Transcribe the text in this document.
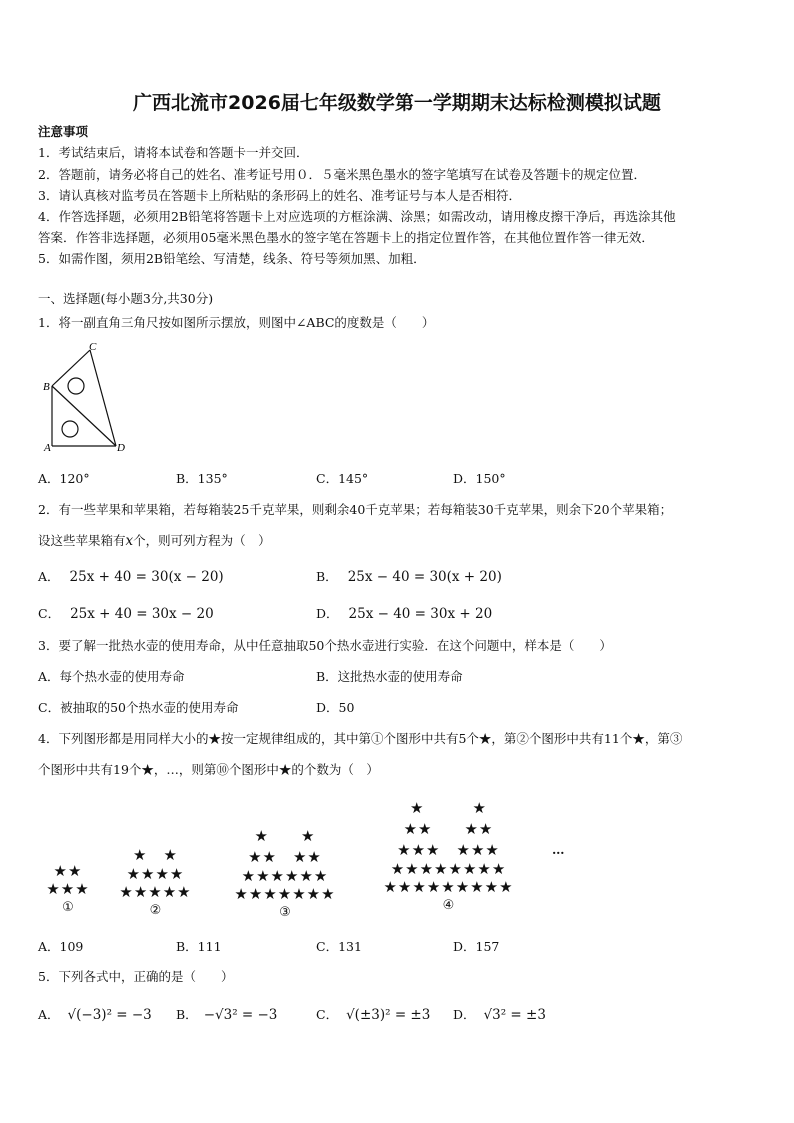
广西北流市2026届七年级数学第一学期期末达标检测模拟试题
注意事项
1．考试结束后，请将本试卷和答题卡一并交回．
2．答题前，请务必将自己的姓名、准考证号用０．５毫米黑色墨水的签字笔填写在试卷及答题卡的规定位置．
3．请认真核对监考员在答题卡上所粘贴的条形码上的姓名、准考证号与本人是否相符．
4．作答选择题，必须用2B铅笔将答题卡上对应选项的方框涂满、涂黑；如需改动，请用橡皮擦干净后，再选涂其他
答案．作答非选择题，必须用05毫米黑色墨水的签字笔在答题卡上的指定位置作答，在其他位置作答一律无效．
5．如需作图，须用2B铅笔绘、写清楚，线条、符号等须加黑、加粗．
一、选择题(每小题3分,共30分)
1．将一副直角三角尺按如图所示摆放，则图中∠ABC的度数是（　　）
A
B
C
D
A．120°	B．135°	C．145°	D．150°
2．有一些苹果和苹果箱，若每箱装25千克苹果，则剩余40千克苹果；若每箱装30千克苹果，则余下20个苹果箱；
设这些苹果箱有x个，则可列方程为（　）
A． 25x + 40 = 30(x − 20)	B． 25x − 40 = 30(x + 20)
C． 25x + 40 = 30x − 20	D． 25x − 40 = 30x + 20
3．要了解一批热水壶的使用寿命，从中任意抽取50个热水壶进行实验．在这个问题中，样本是（　　）
A．每个热水壶的使用寿命	B．这批热水壶的使用寿命
C．被抽取的50个热水壶的使用寿命	D．50
4．下列图形都是用同样大小的★按一定规律组成的，其中第①个图形中共有5个★，第②个图形中共有11个★，第③
个图形中共有19个★，…，则第⑩个图形中★的个数为（　）
★★
★★★
①
★　★
★★★★
★★★★★
②
★　　★
★★　★★
★★★★★★
★★★★★★★
③
★　　　★
★★　　★★
★★★　★★★
★★★★★★★★
★★★★★★★★★
④
…
A．109	B．111	C．131	D．157
5．下列各式中，正确的是（　　）
A． √(−3)² = −3 B． −√3² = −3	C． √(±3)² = ±3 D． √3² = ±3
